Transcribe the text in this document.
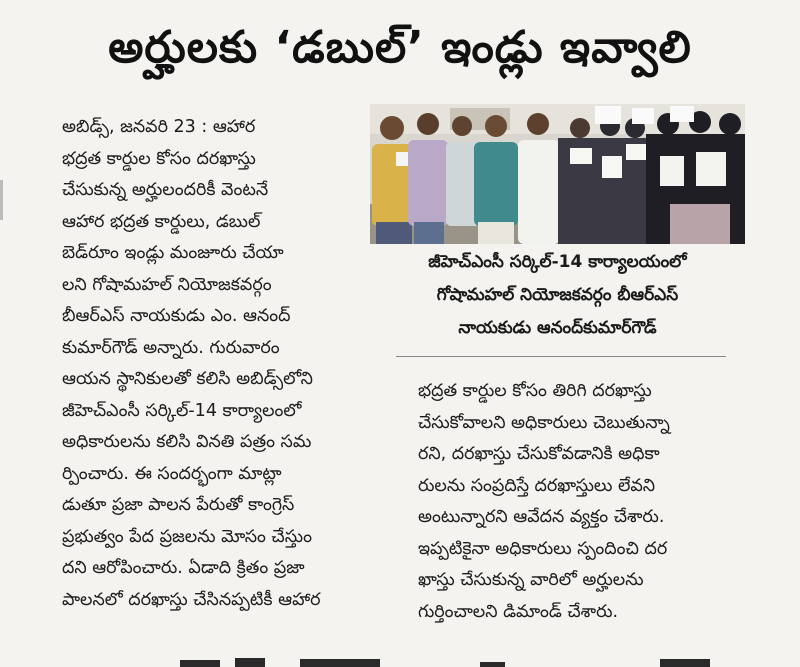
అర్హులకు ‘డబుల్’ ఇండ్లు ఇవ్వాలి
అబిడ్స్, జనవరి 23 : ఆహార
భద్రత కార్డుల కోసం దరఖాస్తు
చేసుకున్న అర్హులందరికీ వెంటనే
ఆహార భద్రత కార్డులు, డబుల్
బెడ్‌రూం ఇండ్లు మంజూరు చేయా
లని గోషామహల్ నియోజకవర్గం
బీఆర్ఎస్ నాయకుడు ఎం. ఆనంద్
కుమార్‌గౌడ్ అన్నారు. గురువారం
ఆయన స్థానికులతో కలిసి అబిడ్స్‌లోని
జీహెచ్ఎంసీ సర్కిల్-14 కార్యాలంలో
అధికారులను కలిసి వినతి పత్రం సమ
ర్పించారు. ఈ సందర్భంగా మాట్లా
డుతూ ప్రజా పాలన పేరుతో కాంగ్రెస్
ప్రభుత్వం పేద ప్రజలను మోసం చేస్తుం
దని ఆరోపించారు. ఏడాది క్రితం ప్రజా
పాలనలో దరఖాస్తు చేసినప్పటికీ ఆహార
జీహెచ్ఎంసీ సర్కిల్-14 కార్యాలయంలో
గోషామహల్ నియోజకవర్గం బీఆర్ఎస్
నాయకుడు ఆనంద్‌కుమార్‌గౌడ్
భద్రత కార్డుల కోసం తిరిగి దరఖాస్తు
చేసుకోవాలని అధికారులు చెబుతున్నా
రని, దరఖాస్తు చేసుకోవడానికి అధికా
రులను సంప్రదిస్తే దరఖాస్తులు లేవని
అంటున్నారని ఆవేదన వ్యక్తం చేశారు.
ఇప్పటికైనా అధికారులు స్పందించి దర
ఖాస్తు చేసుకున్న వారిలో అర్హులను
గుర్తించాలని డిమాండ్ చేశారు.
